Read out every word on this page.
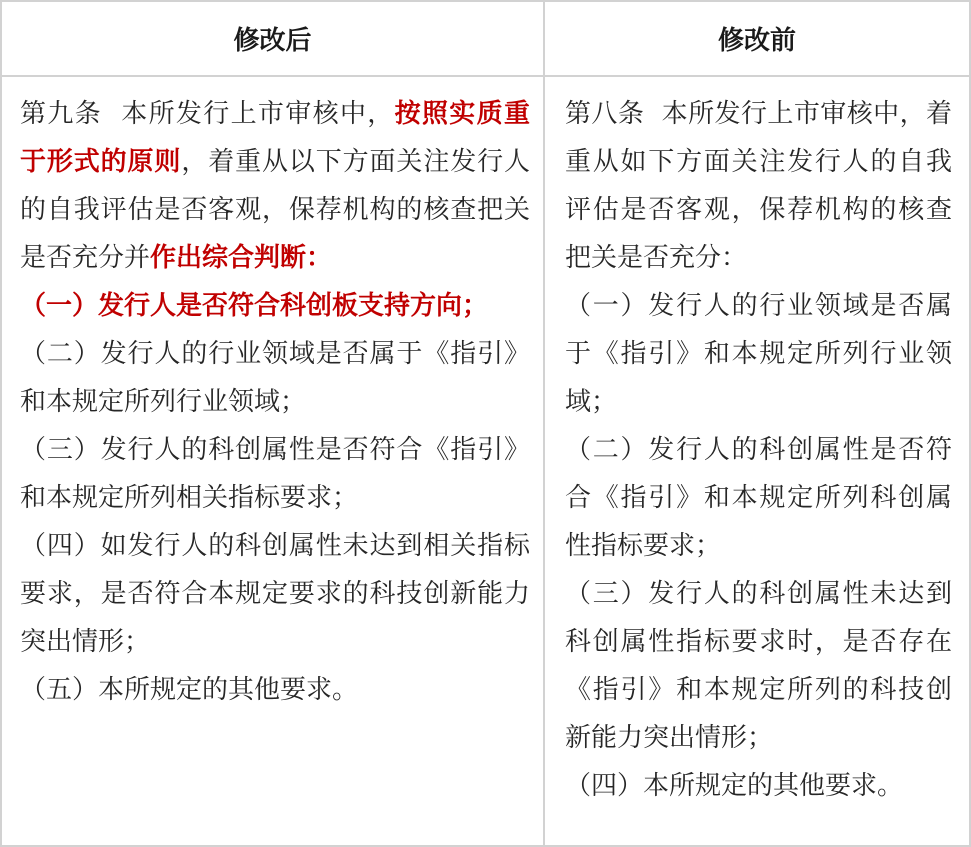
修改后	修改前

第九条  本所发行上市审核中，按照实质重于形式的原则，着重从以下方面关注发行人的自我评估是否客观，保荐机构的核查把关是否充分并作出综合判断：

（一）发行人是否符合科创板支持方向；

（二）发行人的行业领域是否属于《指引》和本规定所列行业领域；

（三）发行人的科创属性是否符合《指引》和本规定所列相关指标要求；

（四）如发行人的科创属性未达到相关指标要求，是否符合本规定要求的科技创新能力突出情形；

（五）本所规定的其他要求。

第八条  本所发行上市审核中，着重从如下方面关注发行人的自我评估是否客观，保荐机构的核查把关是否充分：

（一）发行人的行业领域是否属于《指引》和本规定所列行业领域；

（二）发行人的科创属性是否符合《指引》和本规定所列科创属性指标要求；

（三）发行人的科创属性未达到科创属性指标要求时，是否存在《指引》和本规定所列的科技创新能力突出情形；

（四）本所规定的其他要求。
